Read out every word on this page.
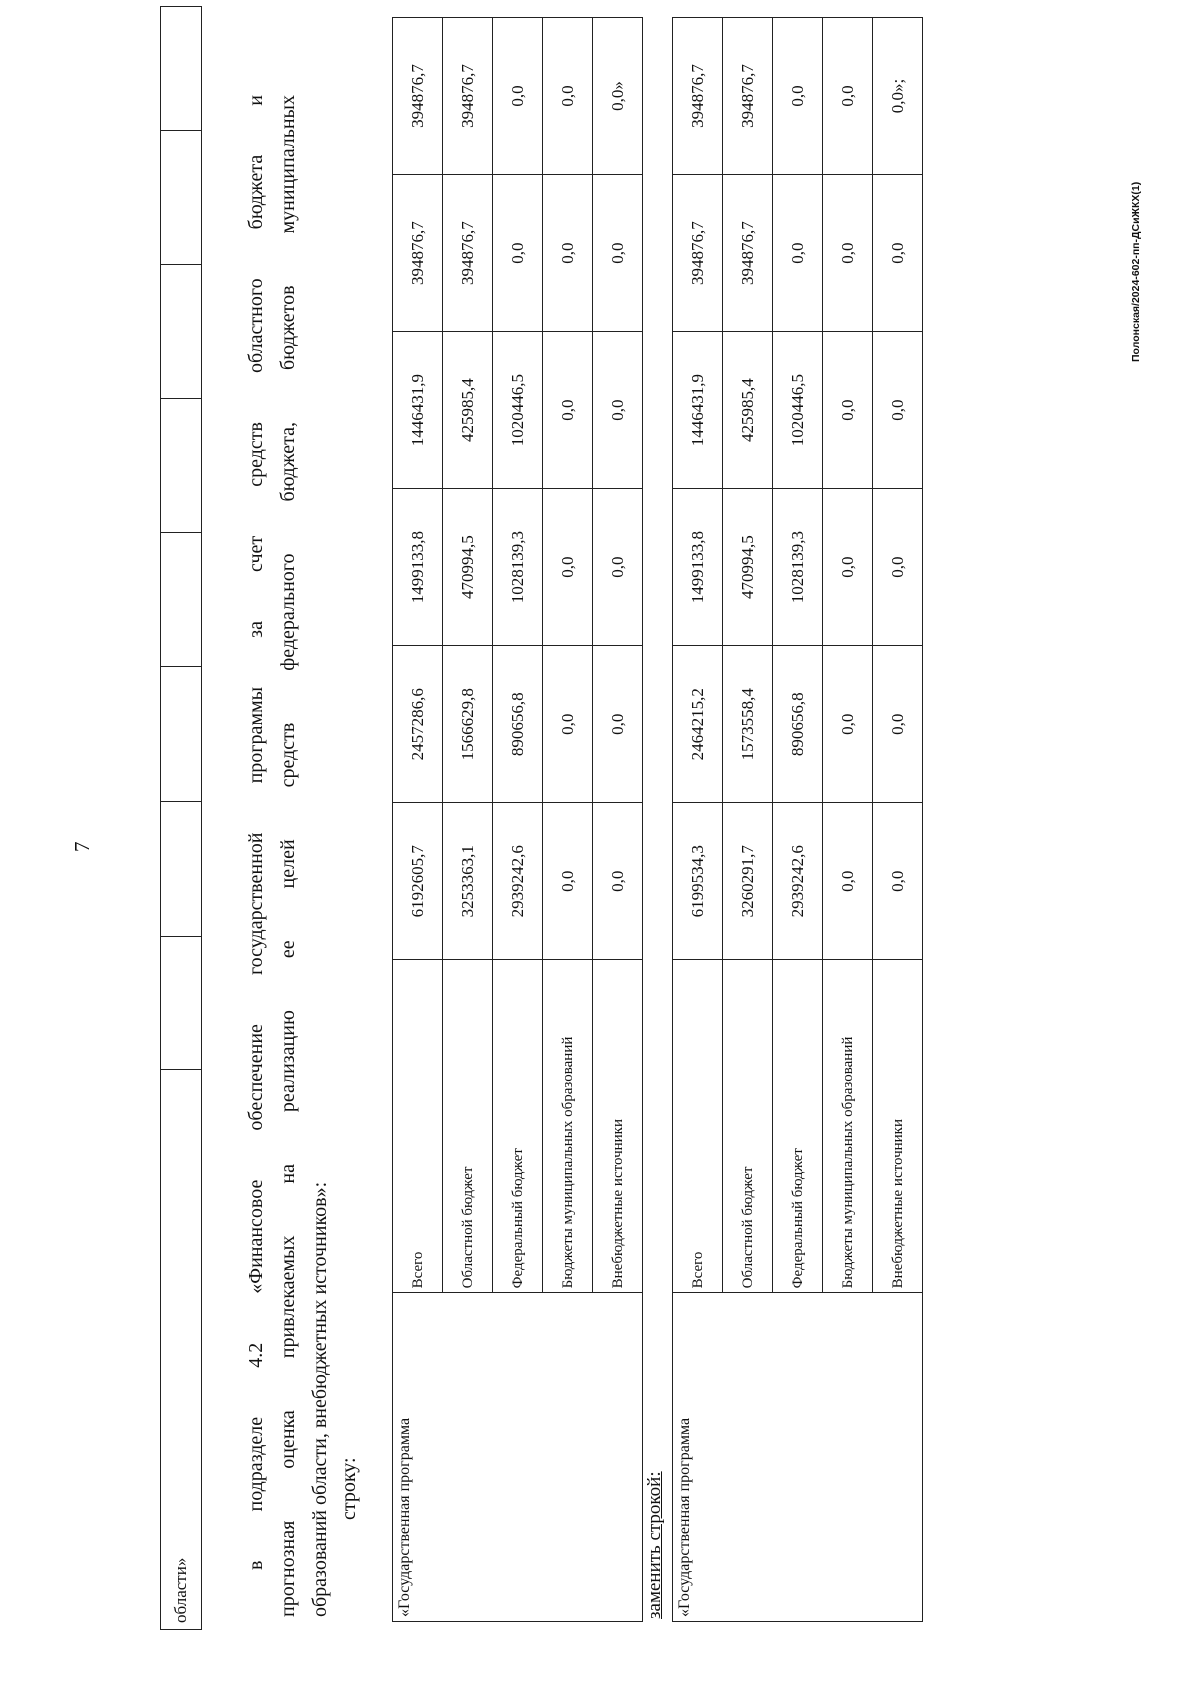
7
области»								
в подразделе 4.2 «Финансовое обеспечение государственной программы за счет средств областного бюджета и прогнозная оценка привлекаемых на реализацию ее целей средств федерального бюджета, бюджетов муниципальных образований области, внебюджетных источников»: строку: «Государственная программа	Всего	6192605,7	2457286,6	1499133,8	1446431,9	394876,7	394876,7
	Областной бюджет	3253363,1	1566629,8	470994,5	425985,4	394876,7	394876,7
	Федеральный бюджет	2939242,6	890656,8	1028139,3	1020446,5	0,0	0,0
	Бюджеты муниципальных образований	0,0	0,0	0,0	0,0	0,0	0,0
	Внебюджетные источники	0,0	0,0	0,0	0,0	0,0	0,0»
заменить строкой: «Государственная программа	Всего	6199534,3	2464215,2	1499133,8	1446431,9	394876,7	394876,7
	Областной бюджет	3260291,7	1573558,4	470994,5	425985,4	394876,7	394876,7
	Федеральный бюджет	2939242,6	890656,8	1028139,3	1020446,5	0,0	0,0
	Бюджеты муниципальных образований	0,0	0,0	0,0	0,0	0,0	0,0
	Внебюджетные источники	0,0	0,0	0,0	0,0	0,0	0,0»;
Полонская/2024-602-пп-ДСиЖКХ(1)
